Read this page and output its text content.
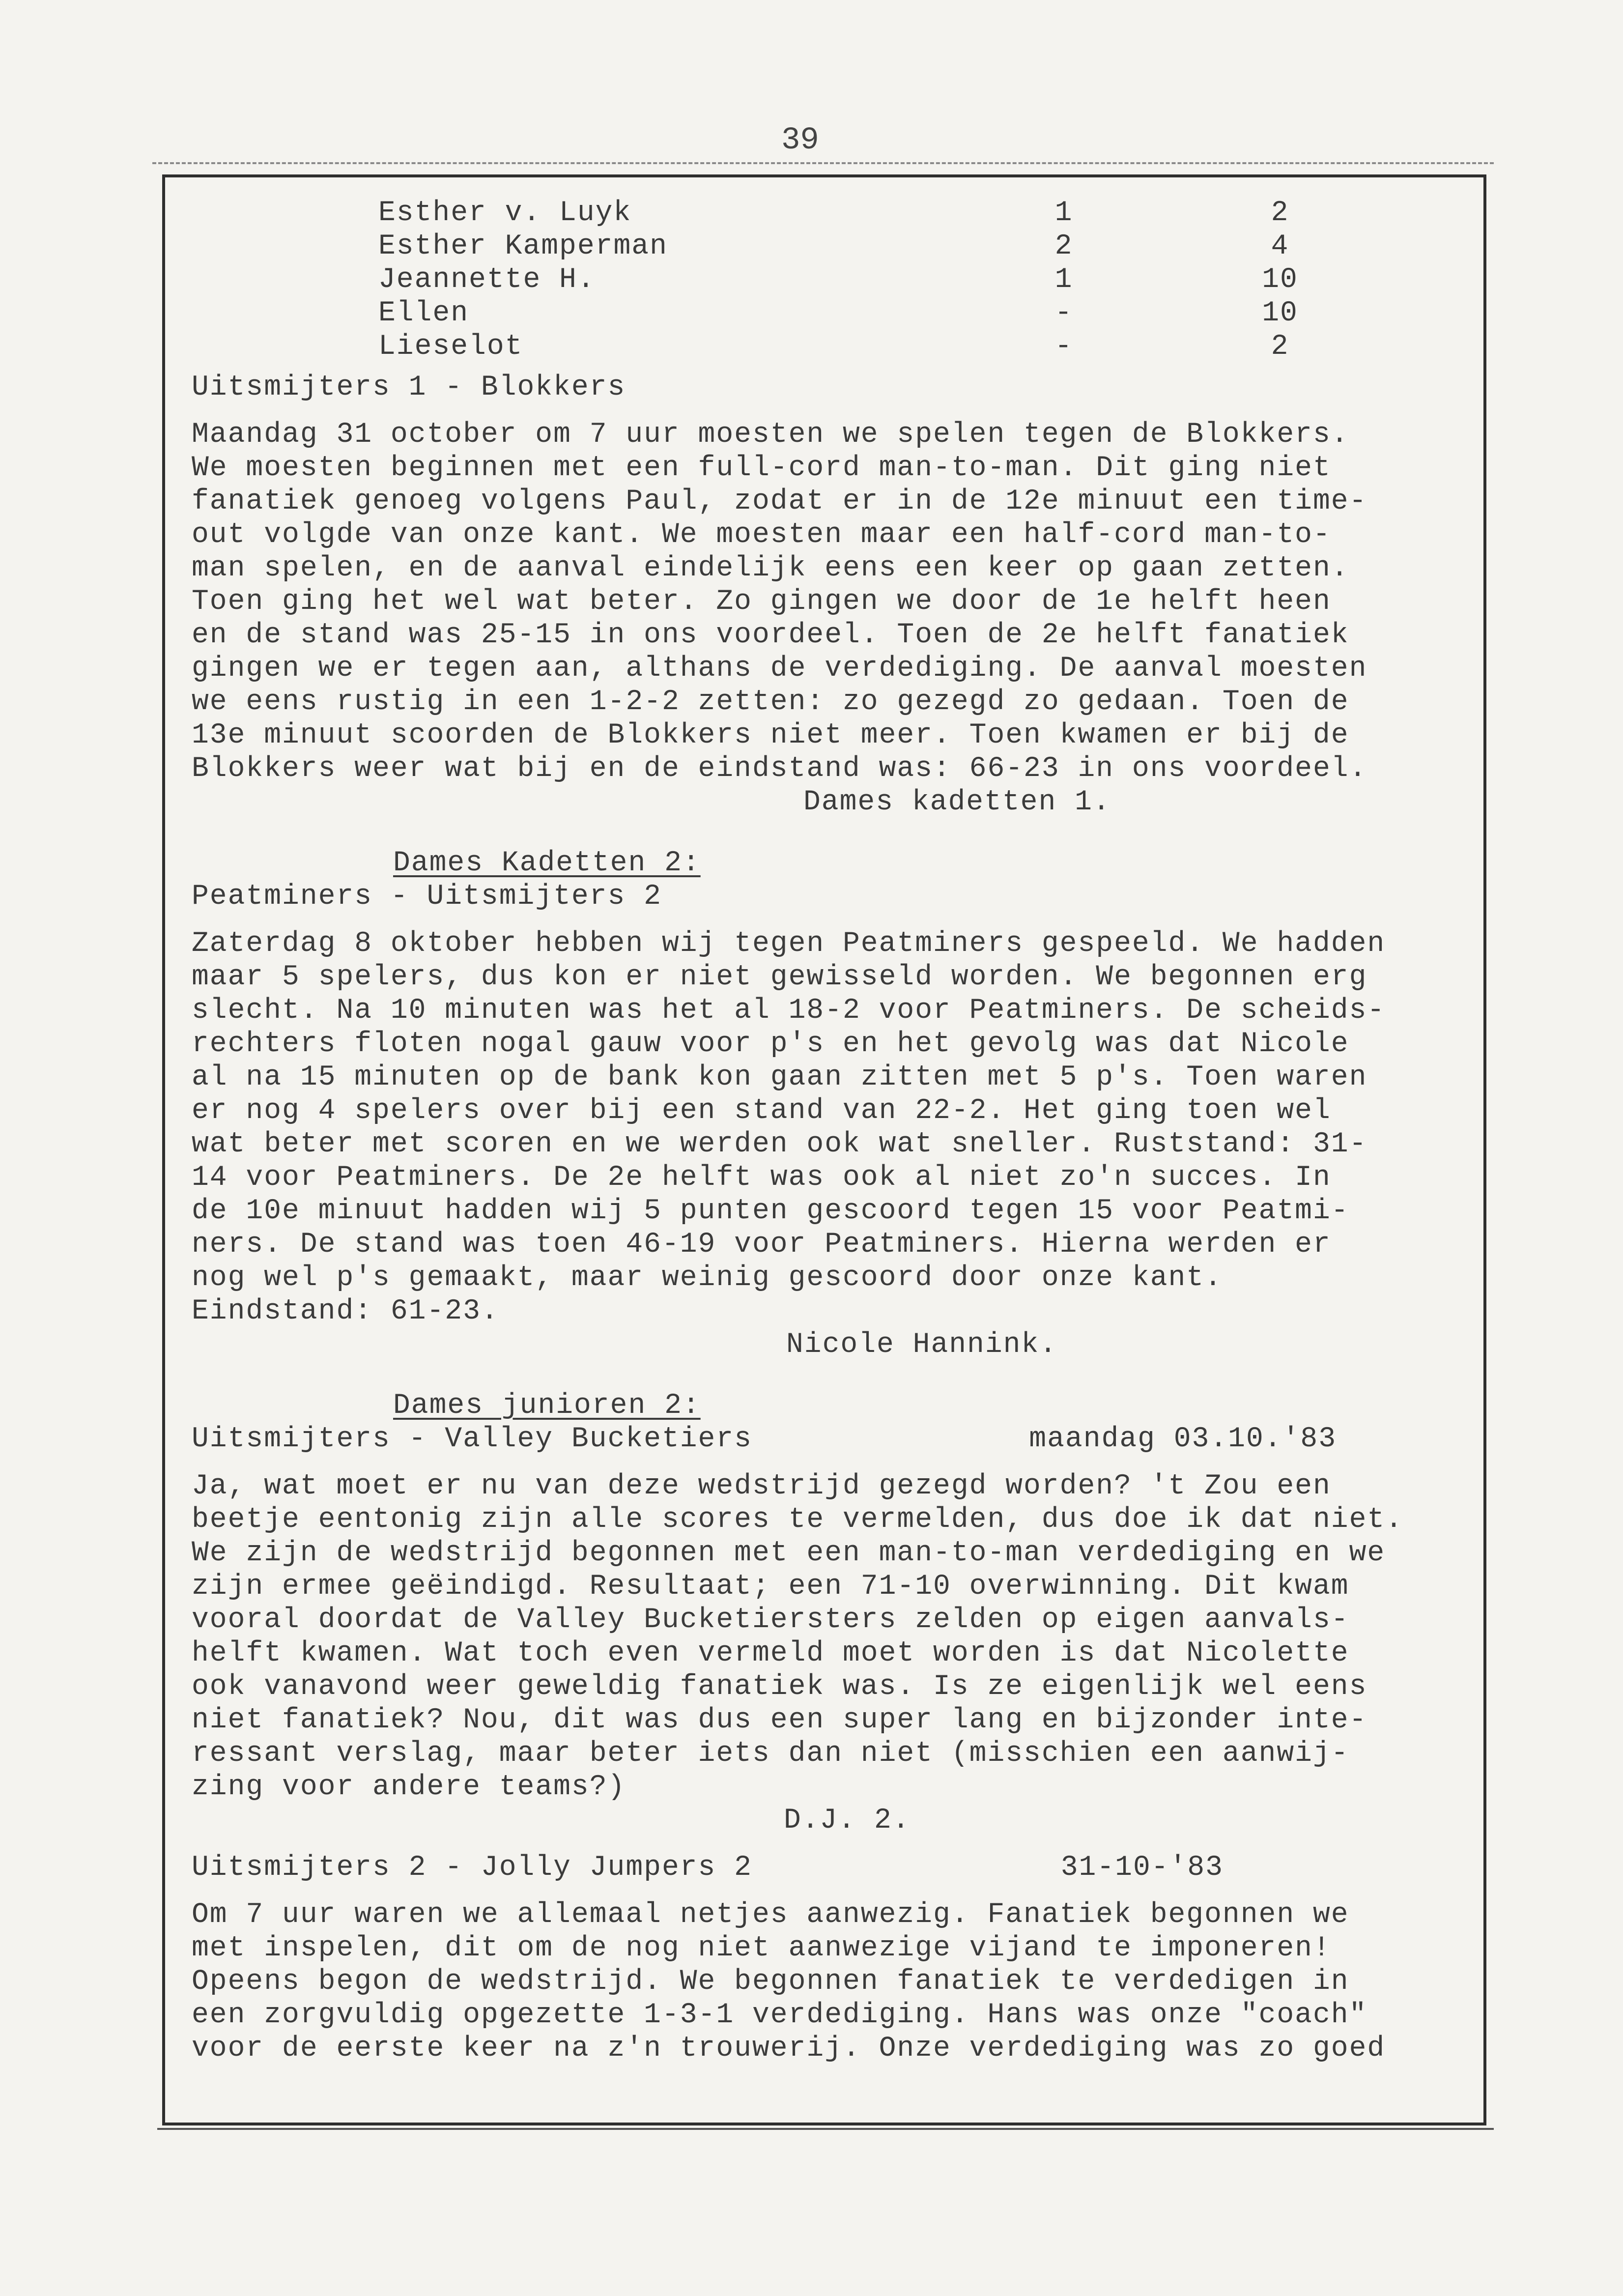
39
Esther v. Luyk	1	2
Esther Kamperman	2	4
Jeannette H.	1	10
Ellen	-	10
Lieselot	-	2
Uitsmijters 1 - Blokkers
Maandag 31 october om 7 uur moesten we spelen tegen de Blokkers.
We moesten beginnen met een full-cord man-to-man. Dit ging niet
fanatiek genoeg volgens Paul, zodat er in de 12e minuut een time-
out volgde van onze kant. We moesten maar een half-cord man-to-
man spelen, en de aanval eindelijk eens een keer op gaan zetten.
Toen ging het wel wat beter. Zo gingen we door de 1e helft heen
en de stand was 25-15 in ons voordeel. Toen de 2e helft fanatiek
gingen we er tegen aan, althans de verdediging. De aanval moesten
we eens rustig in een 1-2-2 zetten: zo gezegd zo gedaan. Toen de
13e minuut scoorden de Blokkers niet meer. Toen kwamen er bij de
Blokkers weer wat bij en de eindstand was: 66-23 in ons voordeel.
Dames kadetten 1.
Dames Kadetten 2:
Peatminers - Uitsmijters 2
Zaterdag 8 oktober hebben wij tegen Peatminers gespeeld. We hadden
maar 5 spelers, dus kon er niet gewisseld worden. We begonnen erg
slecht. Na 10 minuten was het al 18-2 voor Peatminers. De scheids-
rechters floten nogal gauw voor p's en het gevolg was dat Nicole
al na 15 minuten op de bank kon gaan zitten met 5 p's. Toen waren
er nog 4 spelers over bij een stand van 22-2. Het ging toen wel
wat beter met scoren en we werden ook wat sneller. Ruststand: 31-
14 voor Peatminers. De 2e helft was ook al niet zo'n succes. In
de 10e minuut hadden wij 5 punten gescoord tegen 15 voor Peatmi-
ners. De stand was toen 46-19 voor Peatminers. Hierna werden er
nog wel p's gemaakt, maar weinig gescoord door onze kant.
Eindstand: 61-23.
Nicole Hannink.
Dames junioren 2:
Uitsmijters - Valley Bucketiers	maandag 03.10.'83
Ja, wat moet er nu van deze wedstrijd gezegd worden? 't Zou een
beetje eentonig zijn alle scores te vermelden, dus doe ik dat niet.
We zijn de wedstrijd begonnen met een man-to-man verdediging en we
zijn ermee geëindigd. Resultaat; een 71-10 overwinning. Dit kwam
vooral doordat de Valley Bucketiersters zelden op eigen aanvals-
helft kwamen. Wat toch even vermeld moet worden is dat Nicolette
ook vanavond weer geweldig fanatiek was. Is ze eigenlijk wel eens
niet fanatiek? Nou, dit was dus een super lang en bijzonder inte-
ressant verslag, maar beter iets dan niet (misschien een aanwij-
zing voor andere teams?)
D.J. 2.
Uitsmijters 2 - Jolly Jumpers 2	31-10-'83
Om 7 uur waren we allemaal netjes aanwezig. Fanatiek begonnen we
met inspelen, dit om de nog niet aanwezige vijand te imponeren!
Opeens begon de wedstrijd. We begonnen fanatiek te verdedigen in
een zorgvuldig opgezette 1-3-1 verdediging. Hans was onze "coach"
voor de eerste keer na z'n trouwerij. Onze verdediging was zo goed
